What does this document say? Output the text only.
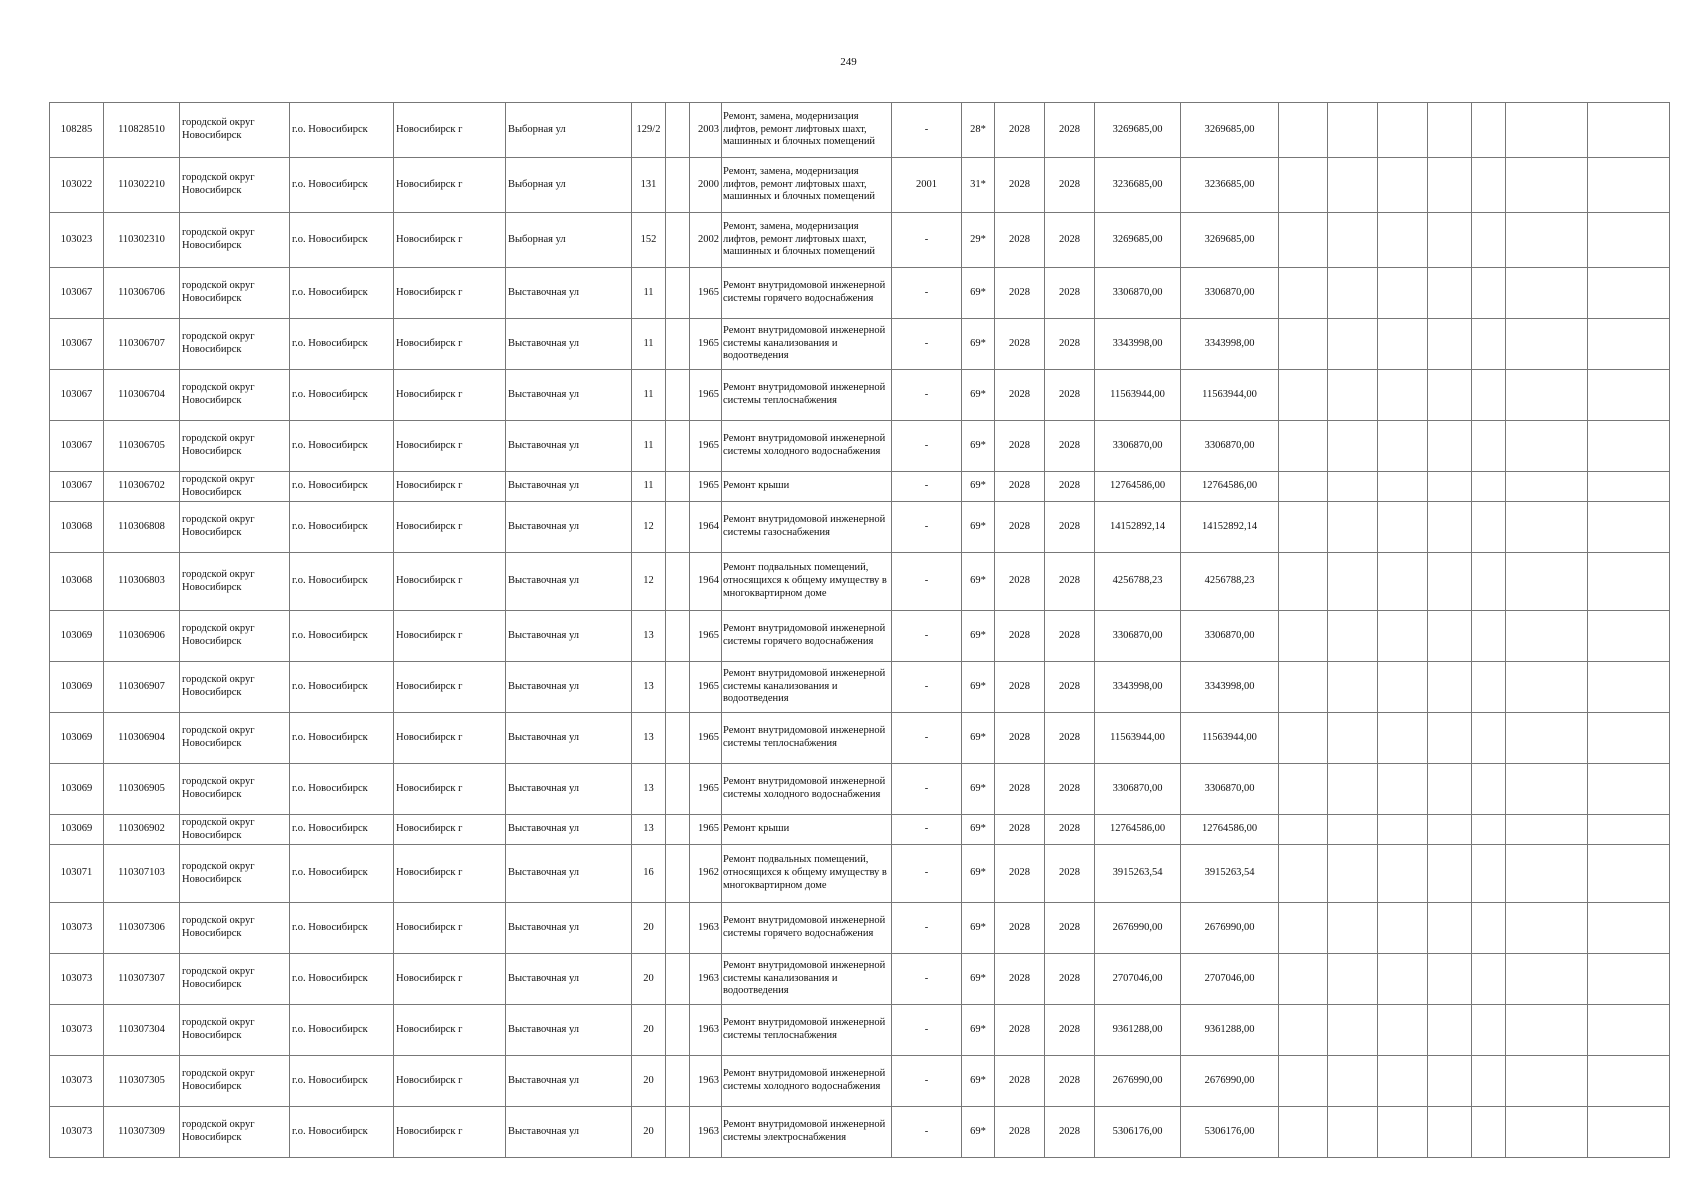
249
108285	110828510	городской округ Новосибирск	г.о. Новосибирск	Новосибирск г	Выборная ул	129/2		2003	Ремонт, замена, модернизация лифтов, ремонт лифтовых шахт, машинных и блочных помещений	-	28*	2028	2028	3269685,00	3269685,00							
103022	110302210	городской округ Новосибирск	г.о. Новосибирск	Новосибирск г	Выборная ул	131		2000	Ремонт, замена, модернизация лифтов, ремонт лифтовых шахт, машинных и блочных помещений	2001	31*	2028	2028	3236685,00	3236685,00							
103023	110302310	городской округ Новосибирск	г.о. Новосибирск	Новосибирск г	Выборная ул	152		2002	Ремонт, замена, модернизация лифтов, ремонт лифтовых шахт, машинных и блочных помещений	-	29*	2028	2028	3269685,00	3269685,00							
103067	110306706	городской округ Новосибирск	г.о. Новосибирск	Новосибирск г	Выставочная ул	11		1965	Ремонт внутридомовой инженерной системы горячего водоснабжения	-	69*	2028	2028	3306870,00	3306870,00							
103067	110306707	городской округ Новосибирск	г.о. Новосибирск	Новосибирск г	Выставочная ул	11		1965	Ремонт внутридомовой инженерной системы канализования и водоотведения	-	69*	2028	2028	3343998,00	3343998,00							
103067	110306704	городской округ Новосибирск	г.о. Новосибирск	Новосибирск г	Выставочная ул	11		1965	Ремонт внутридомовой инженерной системы теплоснабжения	-	69*	2028	2028	11563944,00	11563944,00							
103067	110306705	городской округ Новосибирск	г.о. Новосибирск	Новосибирск г	Выставочная ул	11		1965	Ремонт внутридомовой инженерной системы холодного водоснабжения	-	69*	2028	2028	3306870,00	3306870,00							
103067	110306702	городской округ Новосибирск	г.о. Новосибирск	Новосибирск г	Выставочная ул	11		1965	Ремонт крыши	-	69*	2028	2028	12764586,00	12764586,00							
103068	110306808	городской округ Новосибирск	г.о. Новосибирск	Новосибирск г	Выставочная ул	12		1964	Ремонт внутридомовой инженерной системы газоснабжения	-	69*	2028	2028	14152892,14	14152892,14							
103068	110306803	городской округ Новосибирск	г.о. Новосибирск	Новосибирск г	Выставочная ул	12		1964	Ремонт подвальных помещений, относящихся к общему имуществу в многоквартирном доме	-	69*	2028	2028	4256788,23	4256788,23							
103069	110306906	городской округ Новосибирск	г.о. Новосибирск	Новосибирск г	Выставочная ул	13		1965	Ремонт внутридомовой инженерной системы горячего водоснабжения	-	69*	2028	2028	3306870,00	3306870,00							
103069	110306907	городской округ Новосибирск	г.о. Новосибирск	Новосибирск г	Выставочная ул	13		1965	Ремонт внутридомовой инженерной системы канализования и водоотведения	-	69*	2028	2028	3343998,00	3343998,00							
103069	110306904	городской округ Новосибирск	г.о. Новосибирск	Новосибирск г	Выставочная ул	13		1965	Ремонт внутридомовой инженерной системы теплоснабжения	-	69*	2028	2028	11563944,00	11563944,00							
103069	110306905	городской округ Новосибирск	г.о. Новосибирск	Новосибирск г	Выставочная ул	13		1965	Ремонт внутридомовой инженерной системы холодного водоснабжения	-	69*	2028	2028	3306870,00	3306870,00							
103069	110306902	городской округ Новосибирск	г.о. Новосибирск	Новосибирск г	Выставочная ул	13		1965	Ремонт крыши	-	69*	2028	2028	12764586,00	12764586,00							
103071	110307103	городской округ Новосибирск	г.о. Новосибирск	Новосибирск г	Выставочная ул	16		1962	Ремонт подвальных помещений, относящихся к общему имуществу в многоквартирном доме	-	69*	2028	2028	3915263,54	3915263,54							
103073	110307306	городской округ Новосибирск	г.о. Новосибирск	Новосибирск г	Выставочная ул	20		1963	Ремонт внутридомовой инженерной системы горячего водоснабжения	-	69*	2028	2028	2676990,00	2676990,00							
103073	110307307	городской округ Новосибирск	г.о. Новосибирск	Новосибирск г	Выставочная ул	20		1963	Ремонт внутридомовой инженерной системы канализования и водоотведения	-	69*	2028	2028	2707046,00	2707046,00							
103073	110307304	городской округ Новосибирск	г.о. Новосибирск	Новосибирск г	Выставочная ул	20		1963	Ремонт внутридомовой инженерной системы теплоснабжения	-	69*	2028	2028	9361288,00	9361288,00							
103073	110307305	городской округ Новосибирск	г.о. Новосибирск	Новосибирск г	Выставочная ул	20		1963	Ремонт внутридомовой инженерной системы холодного водоснабжения	-	69*	2028	2028	2676990,00	2676990,00							
103073	110307309	городской округ Новосибирск	г.о. Новосибирск	Новосибирск г	Выставочная ул	20		1963	Ремонт внутридомовой инженерной системы электроснабжения	-	69*	2028	2028	5306176,00	5306176,00							
